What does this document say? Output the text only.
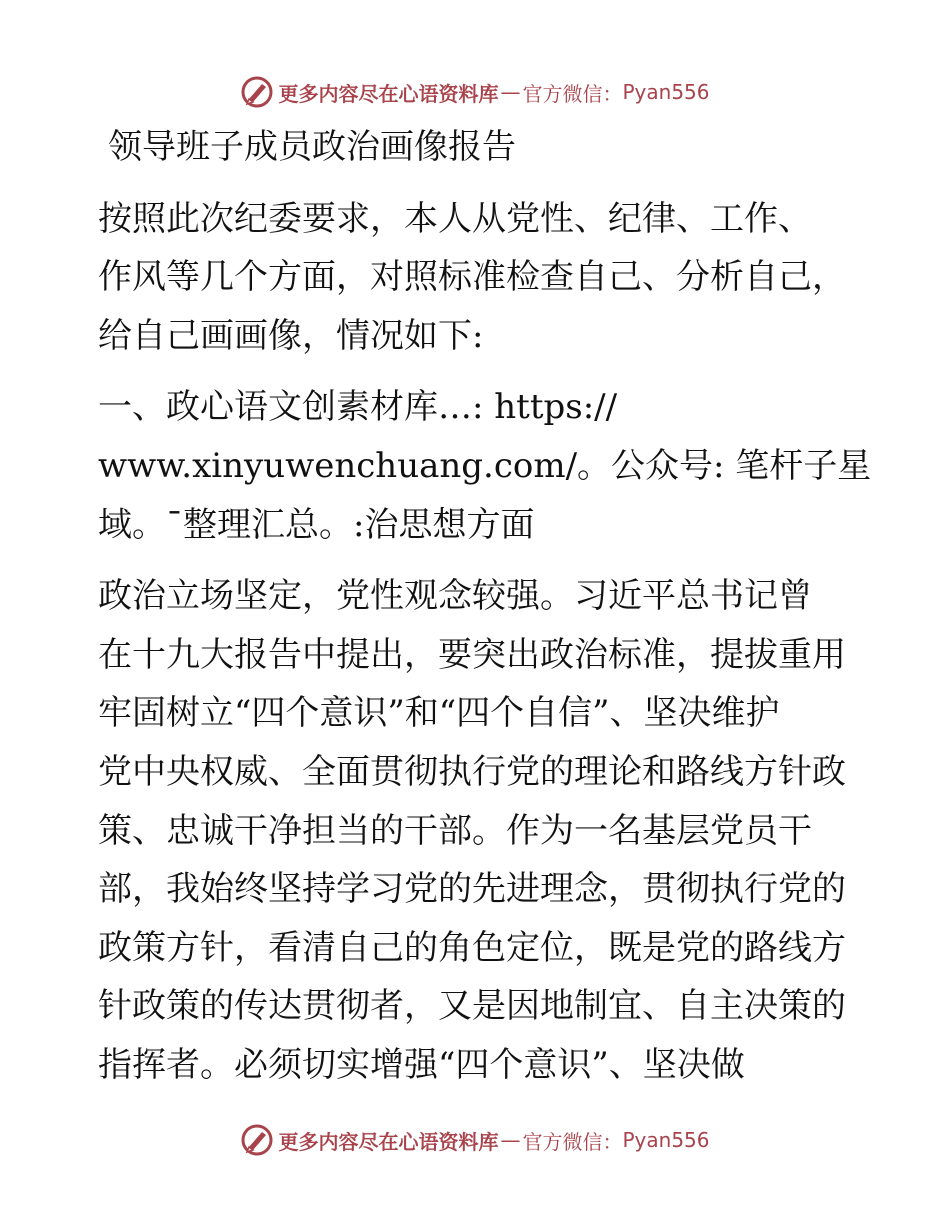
更多内容尽在心语资料库 — 官方微信： Pyan556
领导班子成员政治画像报告
按照此次纪委要求，本人从党性、纪律、工作、
作风等几个方面，对照标准检查自己、分析自己，
给自己画画像，情况如下:
一、政心语文创素材库…: https://
www.xinyuwenchuang.com/。公众号: 笔杆子星
域。¯整理汇总。:治思想方面
政治立场坚定，党性观念较强。习近平总书记曾
在十九大报告中提出，要突出政治标准，提拔重用
牢固树立“四个意识”和“四个自信”、坚决维护
党中央权威、全面贯彻执行党的理论和路线方针政
策、忠诚干净担当的干部。作为一名基层党员干
部，我始终坚持学习党的先进理念，贯彻执行党的
政策方针，看清自己的角色定位，既是党的路线方
针政策的传达贯彻者，又是因地制宜、自主决策的
指挥者。必须切实增强“四个意识”、坚决做
更多内容尽在心语资料库 — 官方微信： Pyan556
